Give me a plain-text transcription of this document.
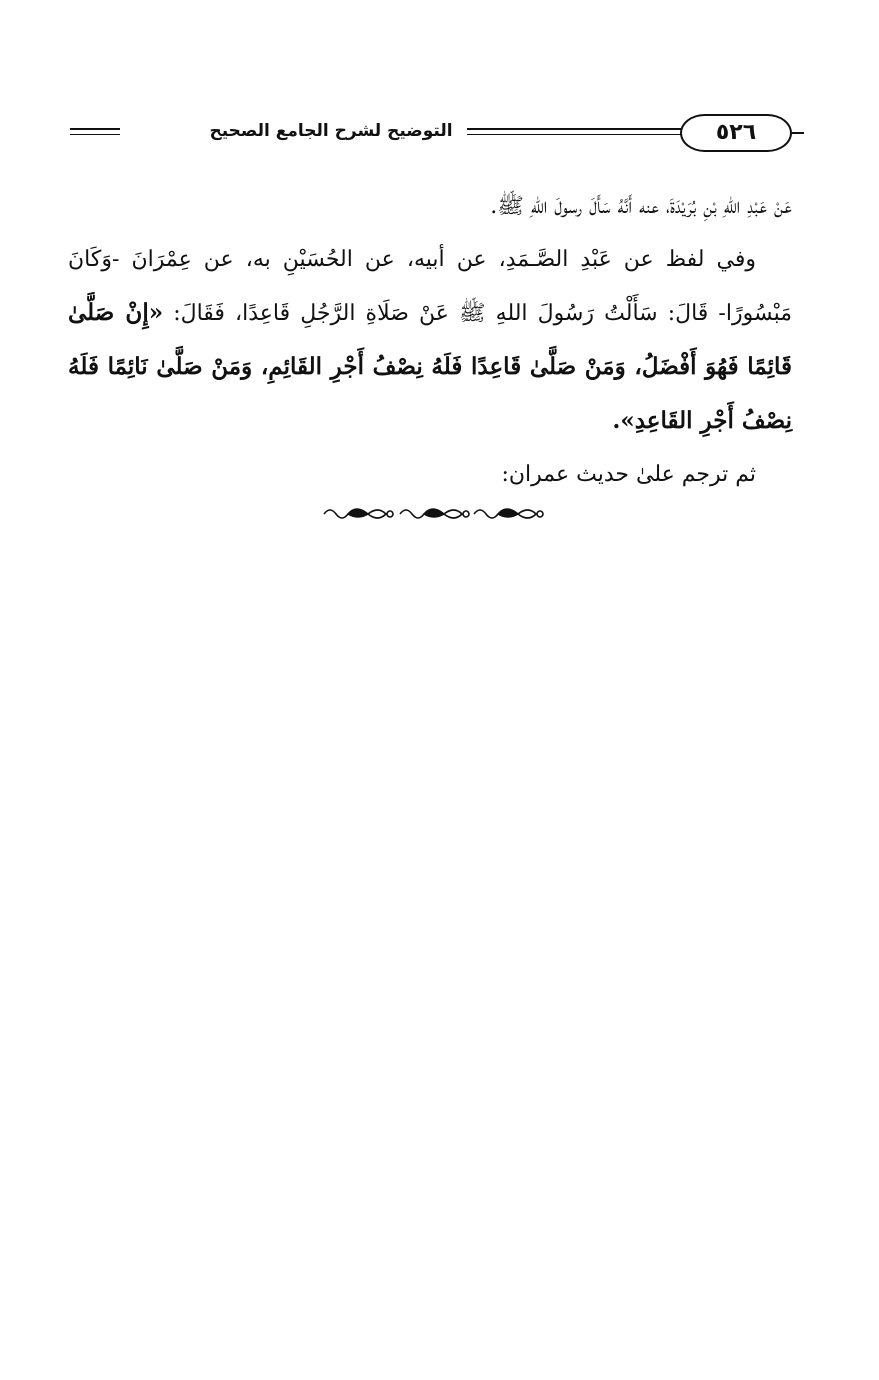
التوضيح لشرح الجامع الصحيح	٥٢٦

عَنْ عَبْدِ اللهِ بْنِ بُرَيْدَةَ، عنه أَنَّهُ سَأَلَ رسولَ اللهِ ﷺ.

وفي لفظ عن عَبْدِ الصَّـمَدِ، عن أبيه، عن الحُسَيْنِ به، عن عِمْرَانَ -وَكَانَ مَبْسُورًا- قَالَ: سَأَلْتُ رَسُولَ اللهِ ﷺ عَنْ صَلَاةِ الرَّجُلِ قَاعِدًا، فَقَالَ: «إِنْ صَلَّىٰ قَائِمًا فَهُوَ أَفْضَلُ، وَمَنْ صَلَّىٰ قَاعِدًا فَلَهُ نِصْفُ أَجْرِ القَائِمِ، وَمَنْ صَلَّىٰ نَائِمًا فَلَهُ نِصْفُ أَجْرِ القَاعِدِ».

ثم ترجم علىٰ حديث عمران:
